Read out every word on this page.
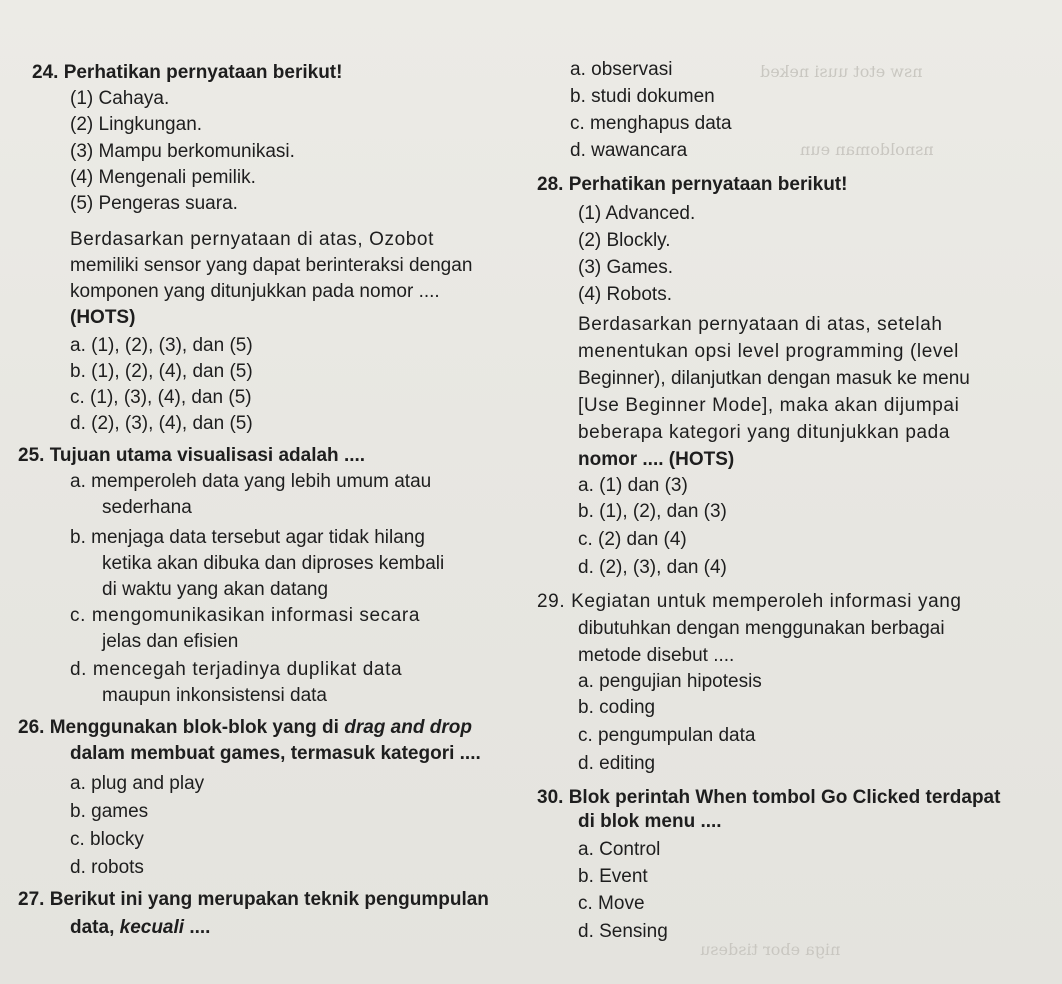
nsw etot uusi neked
nsnoldoman eun
niga ebor tisdesu
24. Perhatikan pernyataan berikut!
(1) Cahaya.
(2) Lingkungan.
(3) Mampu berkomunikasi.
(4) Mengenali pemilik.
(5) Pengeras suara.
Berdasarkan pernyataan di atas, Ozobot
memiliki sensor yang dapat berinteraksi dengan
komponen yang ditunjukkan pada nomor ....
(HOTS)
a. (1), (2), (3), dan (5)
b. (1), (2), (4), dan (5)
c. (1), (3), (4), dan (5)
d. (2), (3), (4), dan (5)
25. Tujuan utama visualisasi adalah ....
a. memperoleh data yang lebih umum atau
sederhana
b. menjaga data tersebut agar tidak hilang
ketika akan dibuka dan diproses kembali
di waktu yang akan datang
c. mengomunikasikan informasi secara
jelas dan efisien
d. mencegah terjadinya duplikat data
maupun inkonsistensi data
26. Menggunakan blok-blok yang di drag and drop
dalam membuat games, termasuk kategori ....
a. plug and play
b. games
c. blocky
d. robots
27. Berikut ini yang merupakan teknik pengumpulan
data, kecuali ....
a. observasi
b. studi dokumen
c. menghapus data
d. wawancara
28. Perhatikan pernyataan berikut!
(1) Advanced.
(2) Blockly.
(3) Games.
(4) Robots.
Berdasarkan pernyataan di atas, setelah
menentukan opsi level programming (level
Beginner), dilanjutkan dengan masuk ke menu
[Use Beginner Mode], maka akan dijumpai
beberapa kategori yang ditunjukkan pada
nomor .... (HOTS)
a. (1) dan (3)
b. (1), (2), dan (3)
c. (2) dan (4)
d. (2), (3), dan (4)
29. Kegiatan untuk memperoleh informasi yang
dibutuhkan dengan menggunakan berbagai
metode disebut ....
a. pengujian hipotesis
b. coding
c. pengumpulan data
d. editing
30. Blok perintah When tombol Go Clicked terdapat
di blok menu ....
a. Control
b. Event
c. Move
d. Sensing
